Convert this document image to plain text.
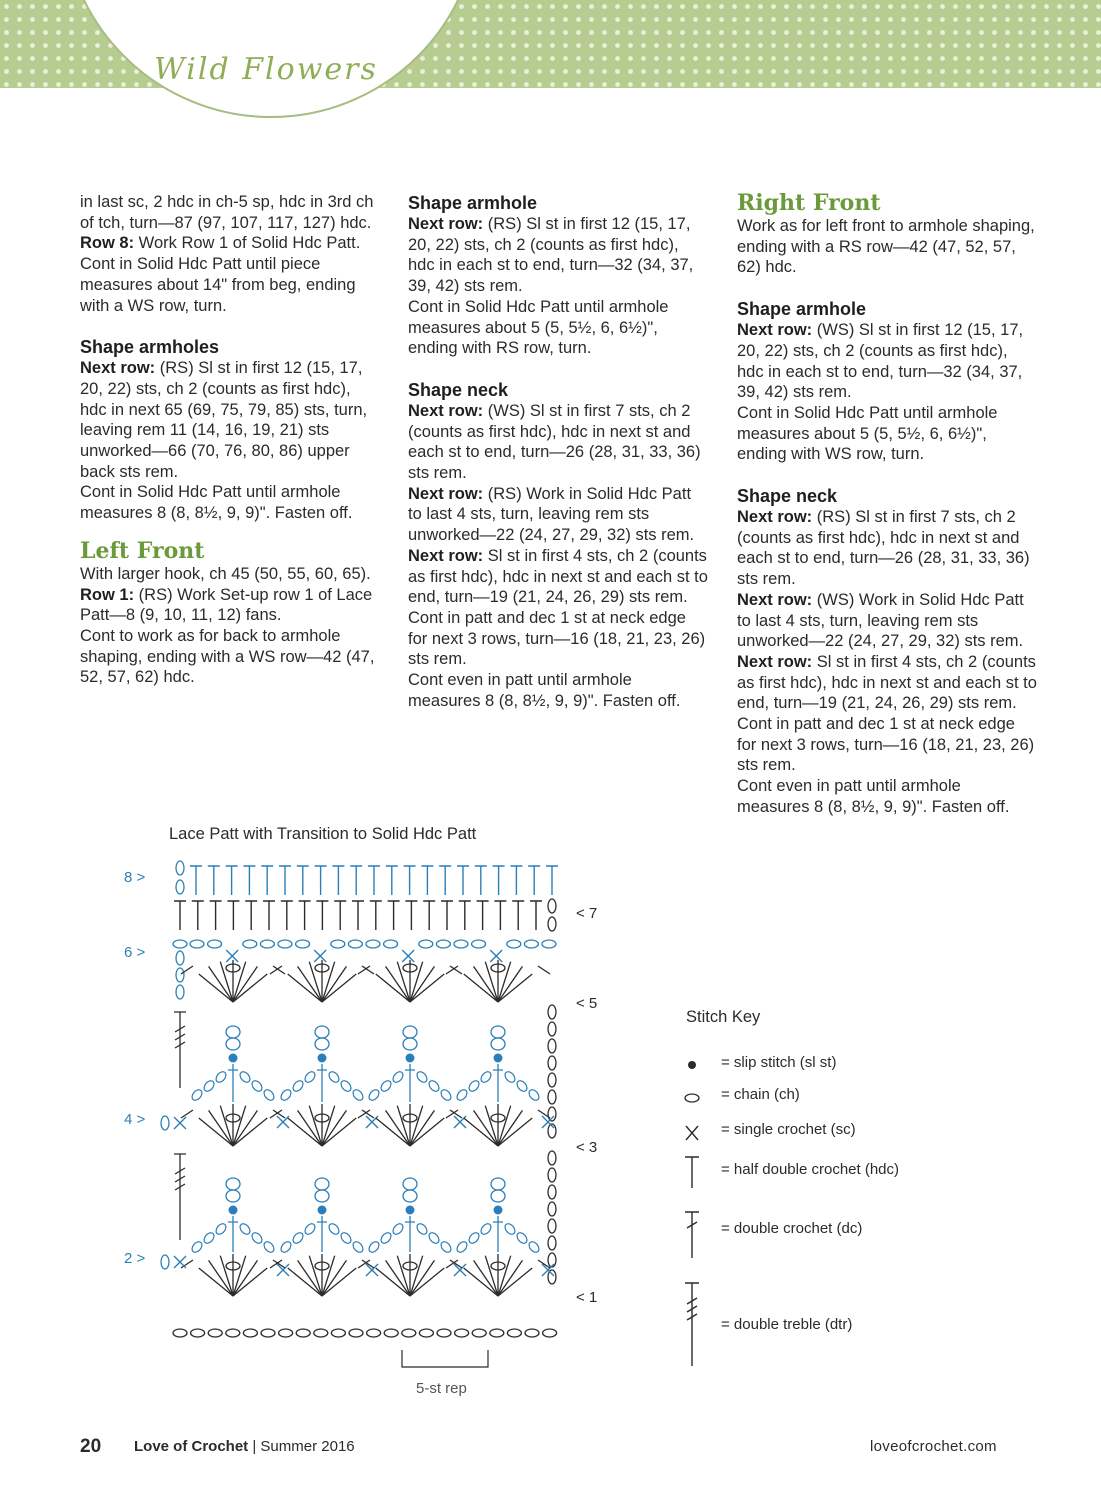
Wild Flowers

in last sc, 2 hdc in ch-5 sp, hdc in 3rd ch of tch, turn—87 (97, 107, 117, 127) hdc.

Row 8: Work Row 1 of Solid Hdc Patt. Cont in Solid Hdc Patt until piece measures about 14" from beg, ending with a WS row, turn.

Shape armholes

Next row: (RS) Sl st in first 12 (15, 17, 20, 22) sts, ch 2 (counts as first hdc), hdc in next 65 (69, 75, 79, 85) sts, turn, leaving rem 11 (14, 16, 19, 21) sts unworked—66 (70, 76, 80, 86) upper back sts rem.

Cont in Solid Hdc Patt until armhole measures 8 (8, 8½, 9, 9)". Fasten off.

Left Front

With larger hook, ch 45 (50, 55, 60, 65).

Row 1: (RS) Work Set-up row 1 of Lace Patt—8 (9, 10, 11, 12) fans.

Cont to work as for back to armhole shaping, ending with a WS row—42 (47, 52, 57, 62) hdc.

Shape armhole

Next row: (RS) Sl st in first 12 (15, 17, 20, 22) sts, ch 2 (counts as first hdc), hdc in each st to end, turn—32 (34, 37, 39, 42) sts rem.

Cont in Solid Hdc Patt until armhole measures about 5 (5, 5½, 6, 6½)", ending with RS row, turn.

Shape neck

Next row: (WS) Sl st in first 7 sts, ch 2 (counts as first hdc), hdc in next st and each st to end, turn—26 (28, 31, 33, 36) sts rem.

Next row: (RS) Work in Solid Hdc Patt to last 4 sts, turn, leaving rem sts unworked—22 (24, 27, 29, 32) sts rem.

Next row: Sl st in first 4 sts, ch 2 (counts as first hdc), hdc in next st and each st to end, turn—19 (21, 24, 26, 29) sts rem.

Cont in patt and dec 1 st at neck edge for next 3 rows, turn—16 (18, 21, 23, 26) sts rem.

Cont even in patt until armhole measures 8 (8, 8½, 9, 9)". Fasten off.

Right Front

Work as for left front to armhole shaping, ending with a RS row—42 (47, 52, 57, 62) hdc.

Shape armhole

Next row: (WS) Sl st in first 12 (15, 17, 20, 22) sts, ch 2 (counts as first hdc), hdc in each st to end, turn—32 (34, 37, 39, 42) sts rem.

Cont in Solid Hdc Patt until armhole measures about 5 (5, 5½, 6, 6½)", ending with WS row, turn.

Shape neck

Next row: (RS) Sl st in first 7 sts, ch 2 (counts as first hdc), hdc in next st and each st to end, turn—26 (28, 31, 33, 36) sts rem.

Next row: (WS) Work in Solid Hdc Patt to last 4 sts, turn, leaving rem sts unworked—22 (24, 27, 29, 32) sts rem.

Next row: Sl st in first 4 sts, ch 2 (counts as first hdc), hdc in next st and each st to end, turn—19 (21, 24, 26, 29) sts rem.

Cont in patt and dec 1 st at neck edge for next 3 rows, turn—16 (18, 21, 23, 26) sts rem.

Cont even in patt until armhole measures 8 (8, 8½, 9, 9)". Fasten off.

Lace Patt with Transition to Solid Hdc Patt
8 >
6 >
4 >
2 >
< 7
< 5
< 3
< 1
5-st rep
Stitch Key
= slip stitch (sl st)
= chain (ch)
= single crochet (sc)
= half double crochet (hdc)
= double crochet (dc)
= double treble (dtr)
20 Love of Crochet | Summer 2016	loveofcrochet.com
